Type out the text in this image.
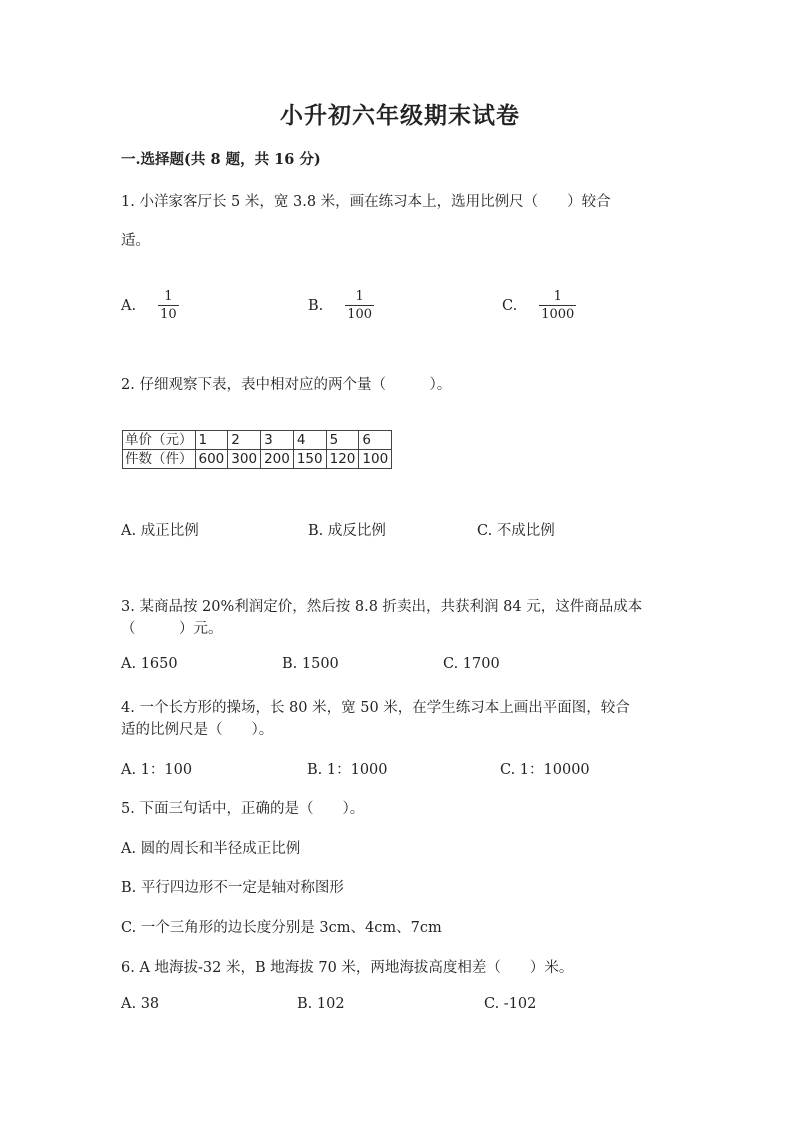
小升初六年级期末试卷
一.选择题(共 8 题，共 16 分)
1. 小洋家客厅长 5 米，宽 3.8 米，画在练习本上，选用比例尺（　　）较合
适。
A. $\frac{1}{10}$	B. $\frac{1}{100}$	C. $\frac{1}{1000}$
2. 仔细观察下表，表中相对应的两个量（　　　）。
单价（元）	1	2	3	4	5	6
件数（件）	600	300	200	150	120	100
A. 成正比例	B. 成反比例	C. 不成比例
3. 某商品按 20%利润定价，然后按 8.8 折卖出，共获利润 84 元，这件商品成本
（　　　）元。
A. 1650	B. 1500	C. 1700
4. 一个长方形的操场，长 80 米，宽 50 米，在学生练习本上画出平面图，较合
适的比例尺是（　　）。
A. 1：100	B. 1：1000	C. 1：10000
5. 下面三句话中，正确的是（　　）。
A. 圆的周长和半径成正比例
B. 平行四边形不一定是轴对称图形
C. 一个三角形的边长度分别是 3cm、4cm、7cm
6. A 地海拔-32 米，B 地海拔 70 米，两地海拔高度相差（　　）米。
A. 38	B. 102	C. -102
